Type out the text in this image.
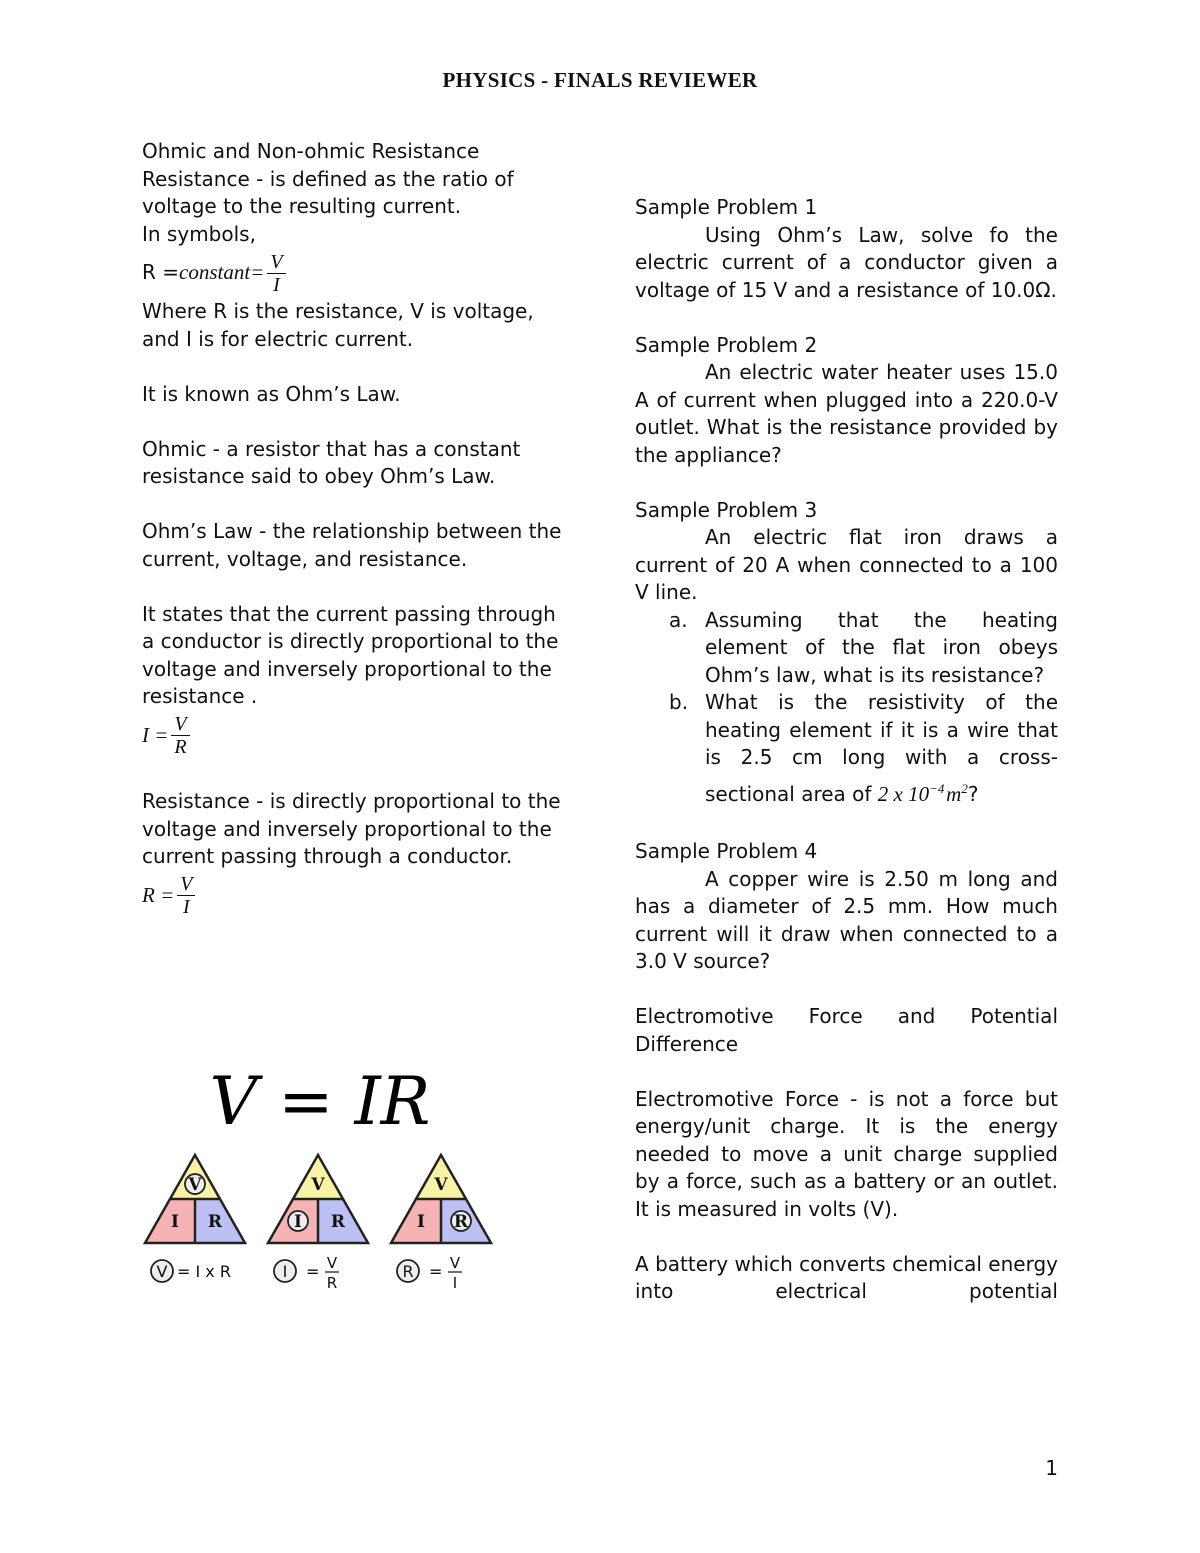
PHYSICS - FINALS REVIEWER

Ohmic and Non-ohmic Resistance

Resistance - is defined as the ratio of voltage to the resulting current.

In symbols,

R = constant = $\frac{V}{I}$

Where R is the resistance, V is voltage, and I is for electric current.

It is known as Ohm’s Law.

Ohmic - a resistor that has a constant resistance said to obey Ohm’s Law.

Ohm’s Law - the relationship between the current, voltage, and resistance.

It states that the current passing through a conductor is directly proportional to the voltage and inversely proportional to the resistance .

$I = \frac{V}{R}$

Resistance - is directly proportional to the voltage and inversely proportional to the current passing through a conductor.

$R = \frac{V}{I}$
V = IR
V
I R
V = I x R
V
I R
I = V
R
V
I R
R = V
I

Sample Problem 1

Using Ohm’s Law, solve fo the electric current of a conductor given a voltage of 15 V and a resistance of 10.0Ω.

Sample Problem 2

An electric water heater uses 15.0 A of current when plugged into a 220.0-V outlet. What is the resistance provided by the appliance?

Sample Problem 3

An electric flat iron draws a current of 20 A when connected to a 100 V line.

a. Assuming that the heating element of the flat iron obeys Ohm’s law, what is its resistance?
b. What is the resistivity of the heating element if it is a wire that is 2.5 cm long with a cross-sectional area of 2 x $10^{-4}$ $m^2$?

Sample Problem 4

A copper wire is 2.50 m long and has a diameter of 2.5 mm. How much current will it draw when connected to a 3.0 V source?

Electromotive Force and Potential Difference

Electromotive Force - is not a force but energy/unit charge. It is the energy needed to move a unit charge supplied by a force, such as a battery or an outlet. It is measured in volts (V).

A battery which converts chemical energy into electrical potential

1
